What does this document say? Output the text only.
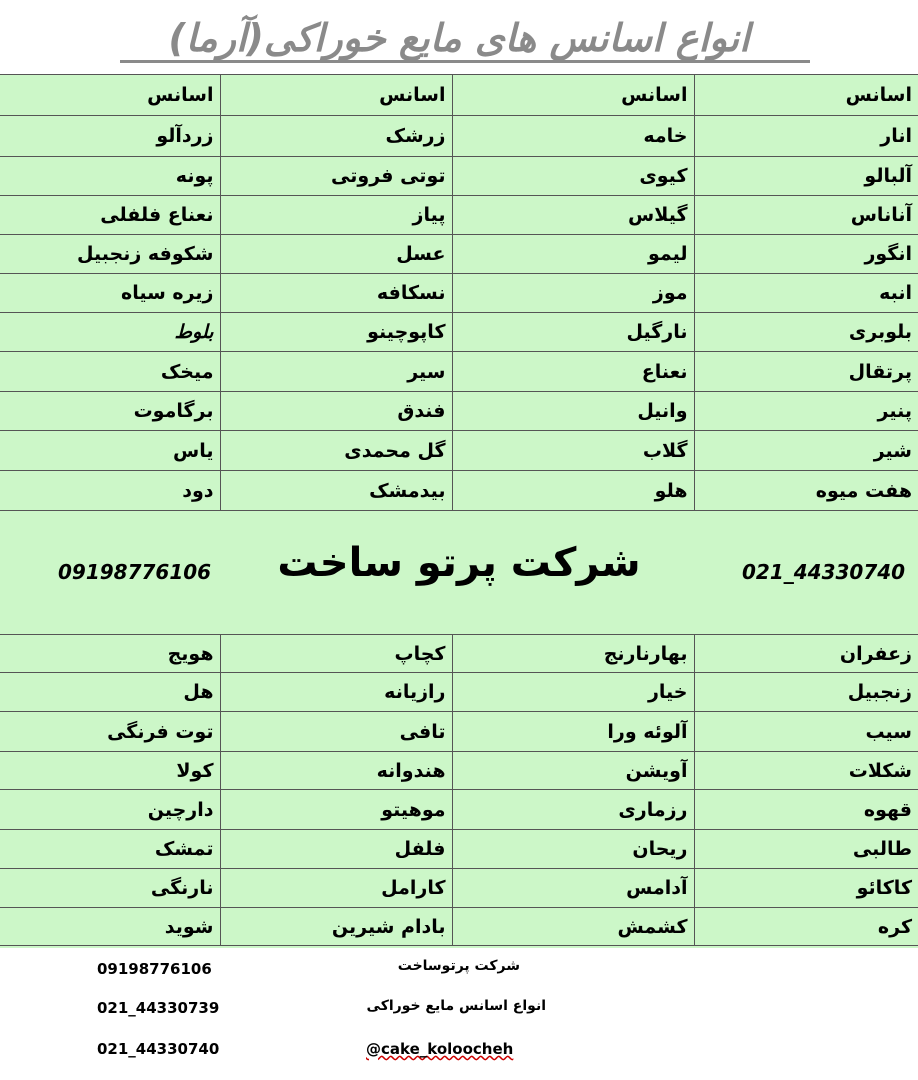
انواع اسانس های مایع خوراکی(آرما)
اسانس	اسانس	اسانس	اسانس
انار	خامه	زرشک	زردآلو
آلبالو	کیوی	توتی فروتی	پونه
آناناس	گیلاس	پیاز	نعناع فلفلی
انگور	لیمو	عسل	شکوفه زنجبیل
انبه	موز	نسکافه	زیره سیاه
بلوبری	نارگیل	کاپوچینو	بلوط
پرتقال	نعناع	سیر	میخک
پنیر	وانیل	فندق	برگاموت
شیر	گلاب	گل محمدی	یاس
هفت میوه	هلو	بیدمشک	دود
09198776106	شرکت پرتو ساخت	021_44330740
زعفران	بهارنارنج	کچاپ	هویج
زنجبیل	خیار	رازیانه	هل
سیب	آلوئه ورا	تافی	توت فرنگی
شکلات	آویشن	هندوانه	کولا
قهوه	رزماری	موهیتو	دارچین
طالبی	ریحان	فلفل	تمشک
کاکائو	آدامس	کارامل	نارنگی
کره	کشمش	بادام شیرین	شوید
09198776106
021_44330739
021_44330740
شرکت پرتوساخت
انواع اسانس مایع خوراکی
@cake_koloocheh
